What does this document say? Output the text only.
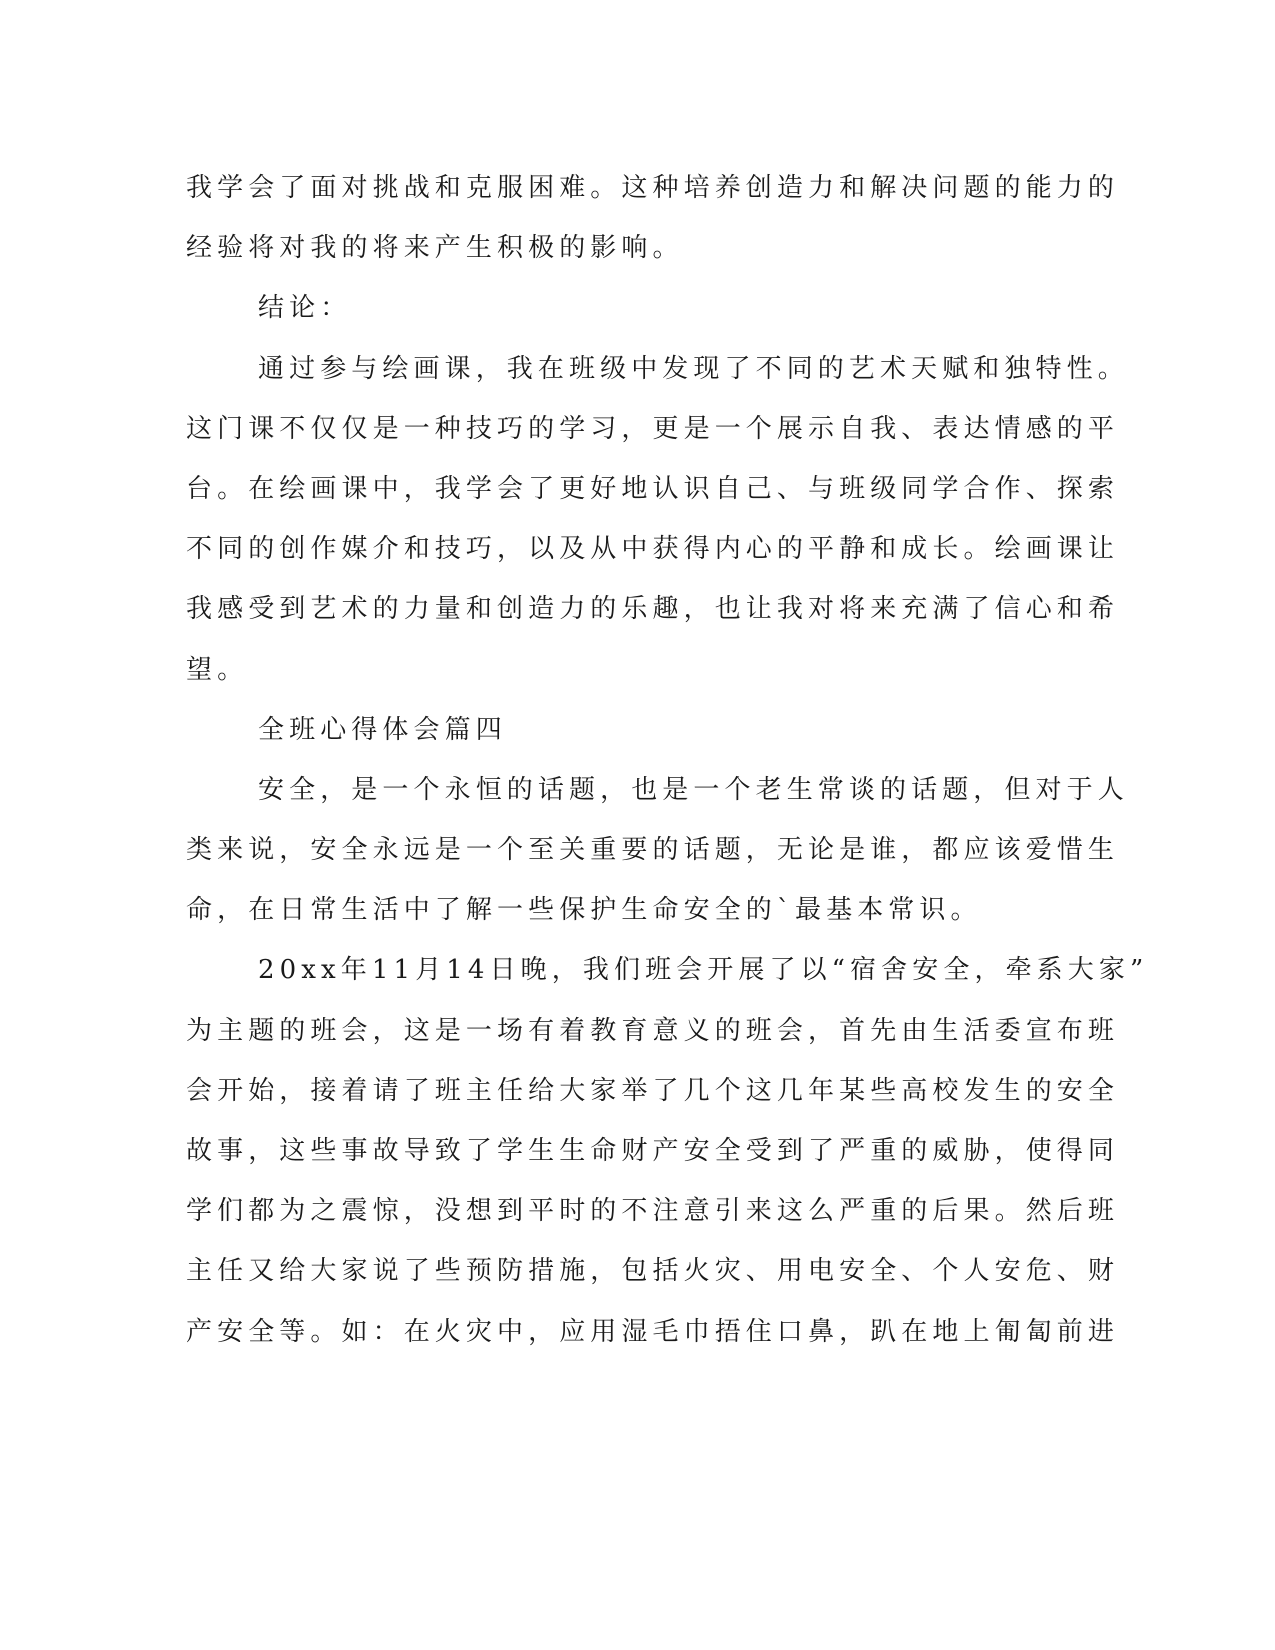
我学会了面对挑战和克服困难。这种培养创造力和解决问题的能力的
经验将对我的将来产生积极的影响。
结论：
通过参与绘画课，我在班级中发现了不同的艺术天赋和独特性。
这门课不仅仅是一种技巧的学习，更是一个展示自我、表达情感的平
台。在绘画课中，我学会了更好地认识自己、与班级同学合作、探索
不同的创作媒介和技巧，以及从中获得内心的平静和成长。绘画课让
我感受到艺术的力量和创造力的乐趣，也让我对将来充满了信心和希
望。
全班心得体会篇四
安全，是一个永恒的话题，也是一个老生常谈的话题，但对于人
类来说，安全永远是一个至关重要的话题，无论是谁，都应该爱惜生
命，在日常生活中了解一些保护生命安全的`最基本常识。
20xx年11月14日晚，我们班会开展了以“宿舍安全，牵系大家”
为主题的班会，这是一场有着教育意义的班会，首先由生活委宣布班
会开始，接着请了班主任给大家举了几个这几年某些高校发生的安全
故事，这些事故导致了学生生命财产安全受到了严重的威胁，使得同
学们都为之震惊，没想到平时的不注意引来这么严重的后果。然后班
主任又给大家说了些预防措施，包括火灾、用电安全、个人安危、财
产安全等。如：在火灾中，应用湿毛巾捂住口鼻，趴在地上匍匐前进
